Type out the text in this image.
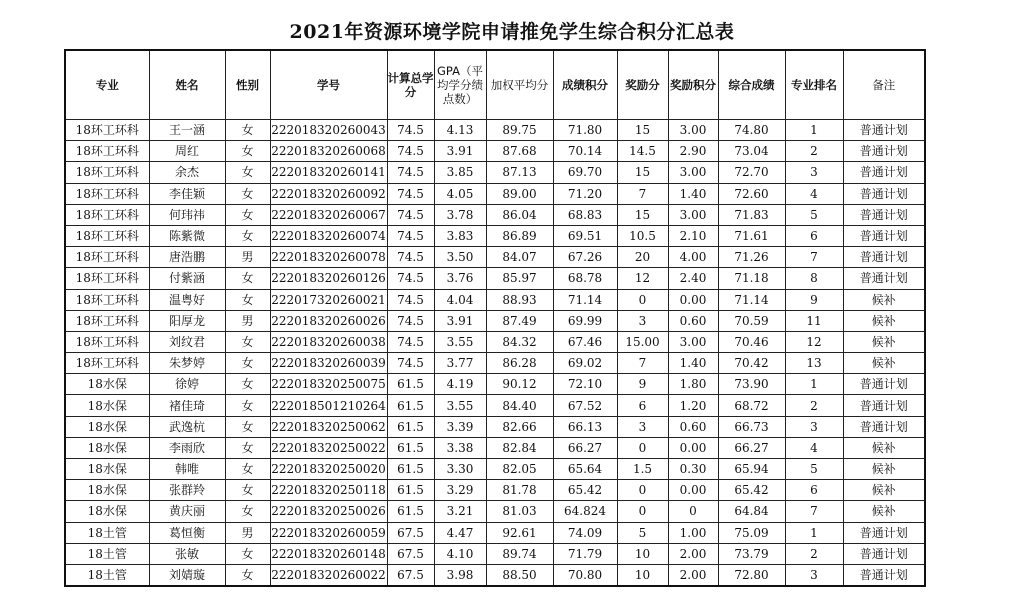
2021年资源环境学院申请推免学生综合积分汇总表
专业	姓名	性别	学号	计算总学分	GPA（平均学分绩点数）	加权平均分	成绩积分	奖励分	奖励积分	综合成绩	专业排名	备注
18环工环科	王一涵	女	222018320260043	74.5	4.13	89.75	71.80	15	3.00	74.80	1	普通计划
18环工环科	周红	女	222018320260068	74.5	3.91	87.68	70.14	14.5	2.90	73.04	2	普通计划
18环工环科	余杰	女	222018320260141	74.5	3.85	87.13	69.70	15	3.00	72.70	3	普通计划
18环工环科	李佳颖	女	222018320260092	74.5	4.05	89.00	71.20	7	1.40	72.60	4	普通计划
18环工环科	何玮祎	女	222018320260067	74.5	3.78	86.04	68.83	15	3.00	71.83	5	普通计划
18环工环科	陈紫微	女	222018320260074	74.5	3.83	86.89	69.51	10.5	2.10	71.61	6	普通计划
18环工环科	唐浩鹏	男	222018320260078	74.5	3.50	84.07	67.26	20	4.00	71.26	7	普通计划
18环工环科	付紫涵	女	222018320260126	74.5	3.76	85.97	68.78	12	2.40	71.18	8	普通计划
18环工环科	温粤好	女	222017320260021	74.5	4.04	88.93	71.14	0	0.00	71.14	9	候补
18环工环科	阳厚龙	男	222018320260026	74.5	3.91	87.49	69.99	3	0.60	70.59	11	候补
18环工环科	刘纹君	女	222018320260038	74.5	3.55	84.32	67.46	15.00	3.00	70.46	12	候补
18环工环科	朱梦婷	女	222018320260039	74.5	3.77	86.28	69.02	7	1.40	70.42	13	候补
18水保	徐婷	女	222018320250075	61.5	4.19	90.12	72.10	9	1.80	73.90	1	普通计划
18水保	褚佳琦	女	222018501210264	61.5	3.55	84.40	67.52	6	1.20	68.72	2	普通计划
18水保	武逸杭	女	222018320250062	61.5	3.39	82.66	66.13	3	0.60	66.73	3	普通计划
18水保	李雨欣	女	222018320250022	61.5	3.38	82.84	66.27	0	0.00	66.27	4	候补
18水保	韩唯	女	222018320250020	61.5	3.30	82.05	65.64	1.5	0.30	65.94	5	候补
18水保	张群羚	女	222018320250118	61.5	3.29	81.78	65.42	0	0.00	65.42	6	候补
18水保	黄庆丽	女	222018320250026	61.5	3.21	81.03	64.824	0	0	64.84	7	候补
18土管	葛恒衡	男	222018320260059	67.5	4.47	92.61	74.09	5	1.00	75.09	1	普通计划
18土管	张敏	女	222018320260148	67.5	4.10	89.74	71.79	10	2.00	73.79	2	普通计划
18土管	刘婧璇	女	222018320260022	67.5	3.98	88.50	70.80	10	2.00	72.80	3	普通计划
